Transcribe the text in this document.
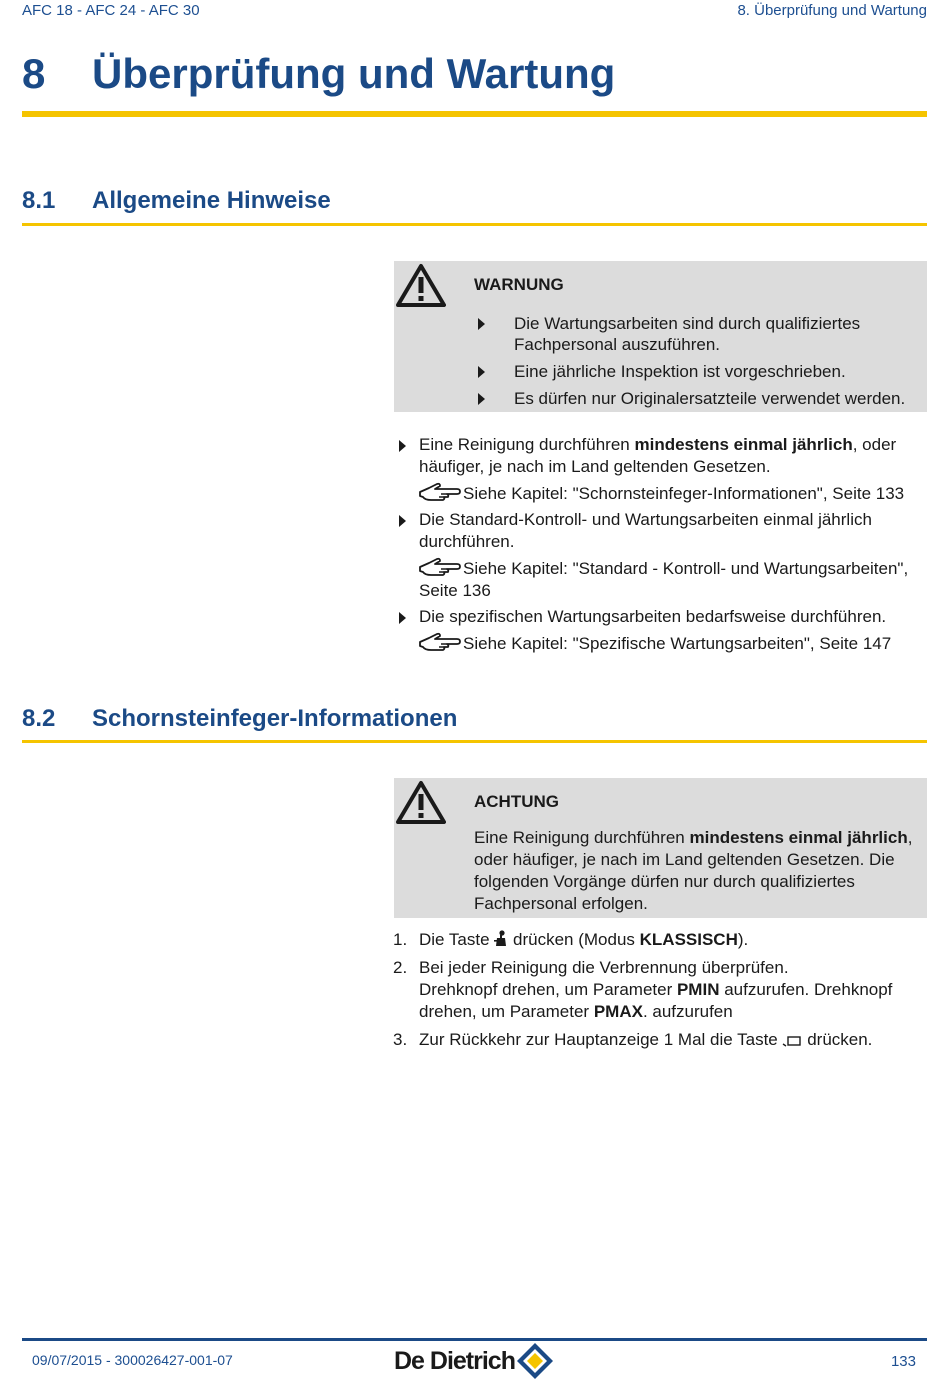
AFC 18 - AFC 24 - AFC 30	8. Überprüfung und Wartung
8 Überprüfung und Wartung
8.1 Allgemeine Hinweise
WARNUNG
Die Wartungsarbeiten sind durch qualifiziertes Fachpersonal auszuführen.
Eine jährliche Inspektion ist vorgeschrieben.
Es dürfen nur Originalersatzteile verwendet werden.
Eine Reinigung durchführen mindestens einmal jährlich, oder häufiger, je nach im Land geltenden Gesetzen.
Siehe Kapitel: "Schornsteinfeger-Informationen", Seite 133
Die Standard-Kontroll- und Wartungsarbeiten einmal jährlich durchführen.
Siehe Kapitel: "Standard - Kontroll- und Wartungsarbeiten", Seite 136
Die spezifischen Wartungsarbeiten bedarfsweise durchführen.
Siehe Kapitel: "Spezifische Wartungsarbeiten", Seite 147
8.2 Schornsteinfeger-Informationen
ACHTUNG
Eine Reinigung durchführen mindestens einmal jährlich, oder häufiger, je nach im Land geltenden Gesetzen. Die folgenden Vorgänge dürfen nur durch qualifiziertes Fachpersonal erfolgen.
1. Die Taste  drücken (Modus KLASSISCH).
2. Bei jeder Reinigung die Verbrennung überprüfen.
Drehknopf drehen, um Parameter PMIN aufzurufen. Drehknopf drehen, um Parameter PMAX. aufzurufen
3. Zur Rückkehr zur Hauptanzeige 1 Mal die Taste  drücken.
09/07/2015 - 300026427-001-07	De Dietrich	133
